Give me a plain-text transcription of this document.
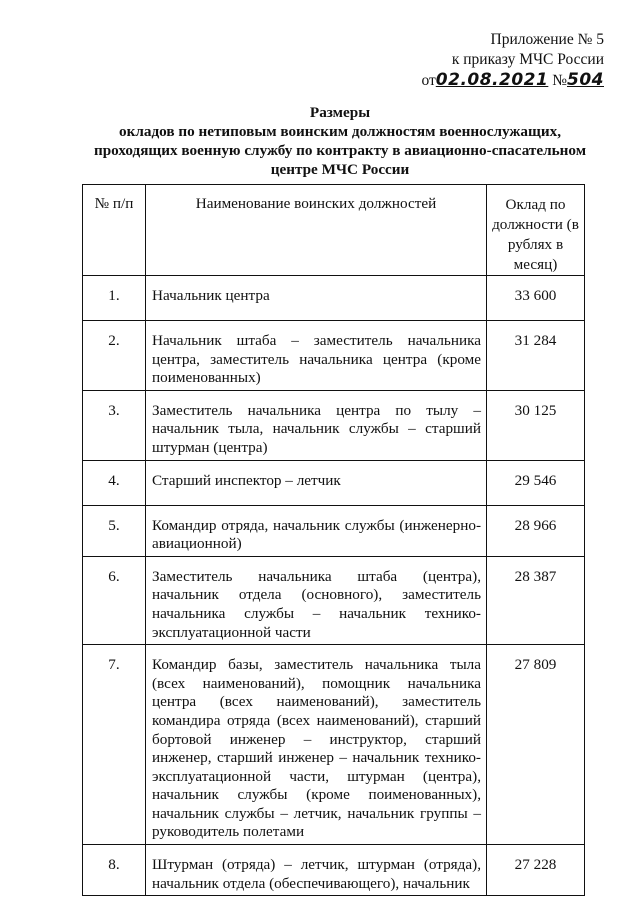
Приложение № 5
к приказу МЧС России
от02.08.2021 №504
Размеры
окладов по нетиповым воинским должностям военнослужащих,
проходящих военную службу по контракту в авиационно-спасательном
центре МЧС России
№ п/п	Наименование воинских должностей	Оклад по должности (в рублях в месяц)
1.	Начальник центра	33 600
2.	Начальник штаба – заместитель начальника центра, заместитель начальника центра (кроме поименованных)	31 284
3.	Заместитель начальника центра по тылу – начальник тыла, начальник службы – старший штурман (центра)	30 125
4.	Старший инспектор – летчик	29 546
5.	Командир отряда, начальник службы (инженерно-авиационной)	28 966
6.	Заместитель начальника штаба (центра), начальник отдела (основного), заместитель начальника службы – начальник технико-эксплуатационной части	28 387
7.	Командир базы, заместитель начальника тыла (всех наименований), помощник начальника центра (всех наименований), заместитель командира отряда (всех наименований), старший бортовой инженер – инструктор, старший инженер, старший инженер – начальник технико-эксплуатационной части, штурман (центра), начальник службы (кроме поименованных), начальник службы – летчик, начальник группы – руководитель полетами	27 809
8.	Штурман (отряда) – летчик, штурман (отряда), начальник отдела (обеспечивающего), начальник	27 228
